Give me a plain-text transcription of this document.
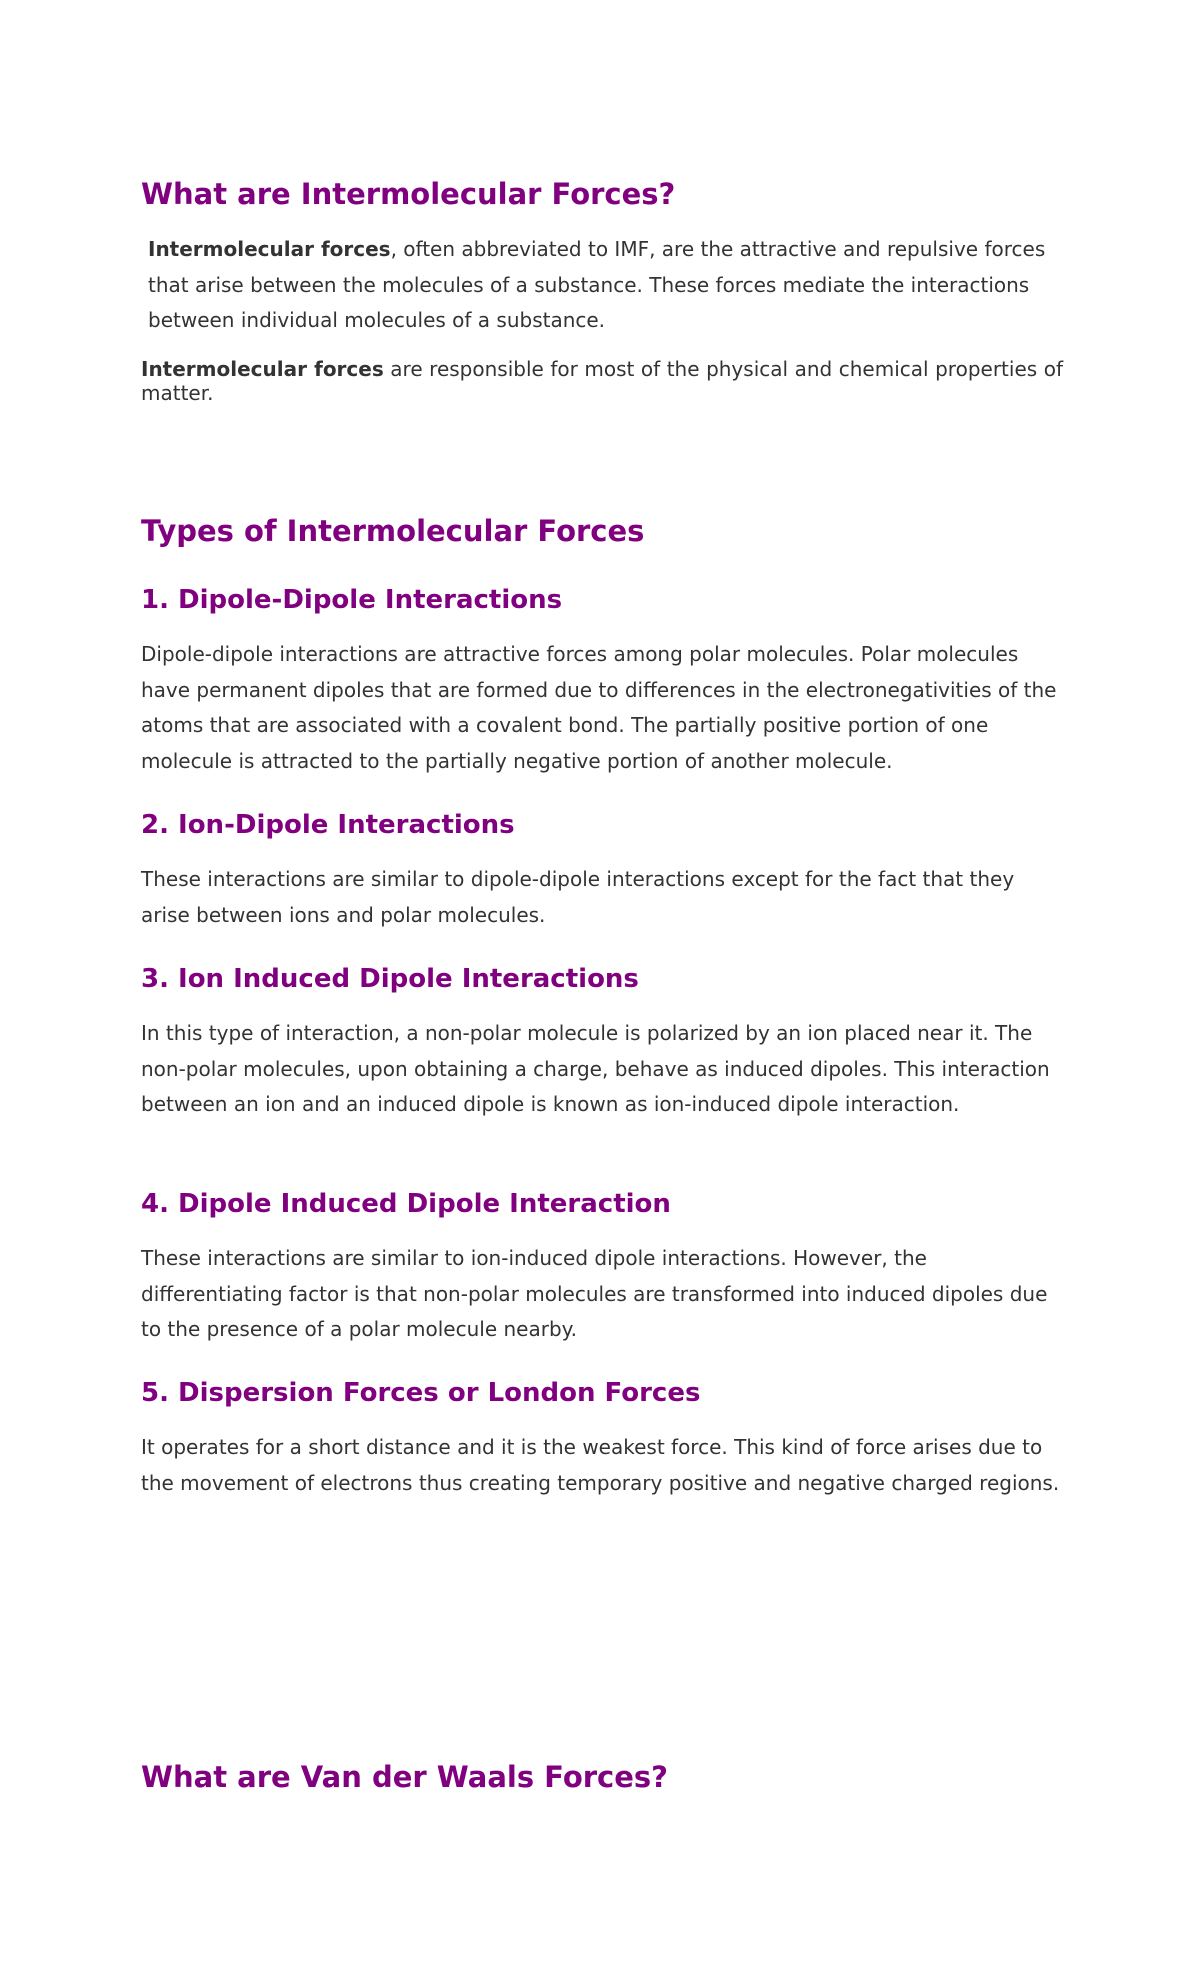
What are Intermolecular Forces?

Intermolecular forces, often abbreviated to IMF, are the attractive and repulsive forces that arise between the molecules of a substance. These forces mediate the interactions between individual molecules of a substance.

Intermolecular forces are responsible for most of the physical and chemical properties of matter.

Types of Intermolecular Forces
1. Dipole-Dipole Interactions

Dipole-dipole interactions are attractive forces among polar molecules. Polar molecules have permanent dipoles that are formed due to differences in the electronegativities of the atoms that are associated with a covalent bond. The partially positive portion of one molecule is attracted to the partially negative portion of another molecule.

2. Ion-Dipole Interactions

These interactions are similar to dipole-dipole interactions except for the fact that they arise between ions and polar molecules.

3. Ion Induced Dipole Interactions

In this type of interaction, a non-polar molecule is polarized by an ion placed near it. The non-polar molecules, upon obtaining a charge, behave as induced dipoles. This interaction between an ion and an induced dipole is known as ion-induced dipole interaction.

4. Dipole Induced Dipole Interaction

These interactions are similar to ion-induced dipole interactions. However, the differentiating factor is that non-polar molecules are transformed into induced dipoles due to the presence of a polar molecule nearby.

5. Dispersion Forces or London Forces

It operates for a short distance and it is the weakest force. This kind of force arises due to the movement of electrons thus creating temporary positive and negative charged regions.

What are Van der Waals Forces?
